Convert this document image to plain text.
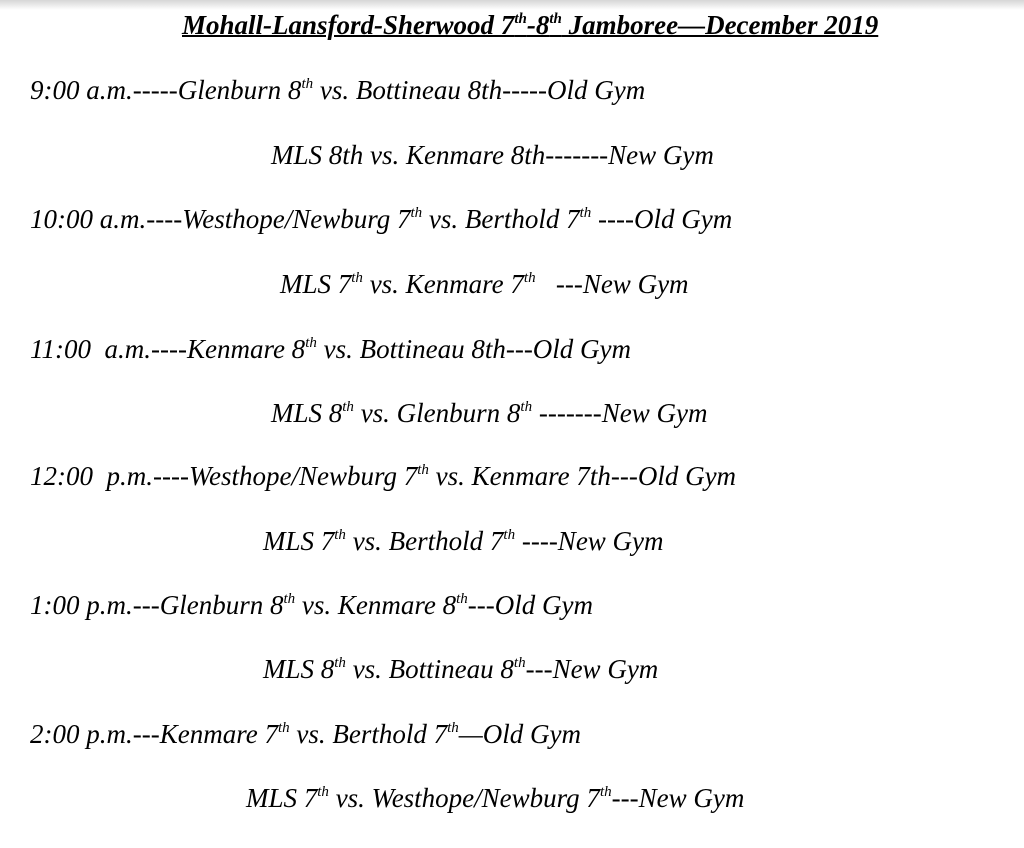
Mohall-Lansford-Sherwood 7th-8th Jamboree—December 2019
9:00 a.m.-----Glenburn 8th vs. Bottineau 8th-----Old Gym
MLS 8th vs. Kenmare 8th-------New Gym
10:00 a.m.----Westhope/Newburg 7th vs. Berthold 7th ----Old Gym
MLS 7th vs. Kenmare 7th   ---New Gym
11:00  a.m.----Kenmare 8th vs. Bottineau 8th---Old Gym
MLS 8th vs. Glenburn 8th -------New Gym
12:00  p.m.----Westhope/Newburg 7th vs. Kenmare 7th---Old Gym
MLS 7th vs. Berthold 7th ----New Gym
1:00 p.m.---Glenburn 8th vs. Kenmare 8th---Old Gym
MLS 8th vs. Bottineau 8th---New Gym
2:00 p.m.---Kenmare 7th vs. Berthold 7th—Old Gym
MLS 7th vs. Westhope/Newburg 7th---New Gym
